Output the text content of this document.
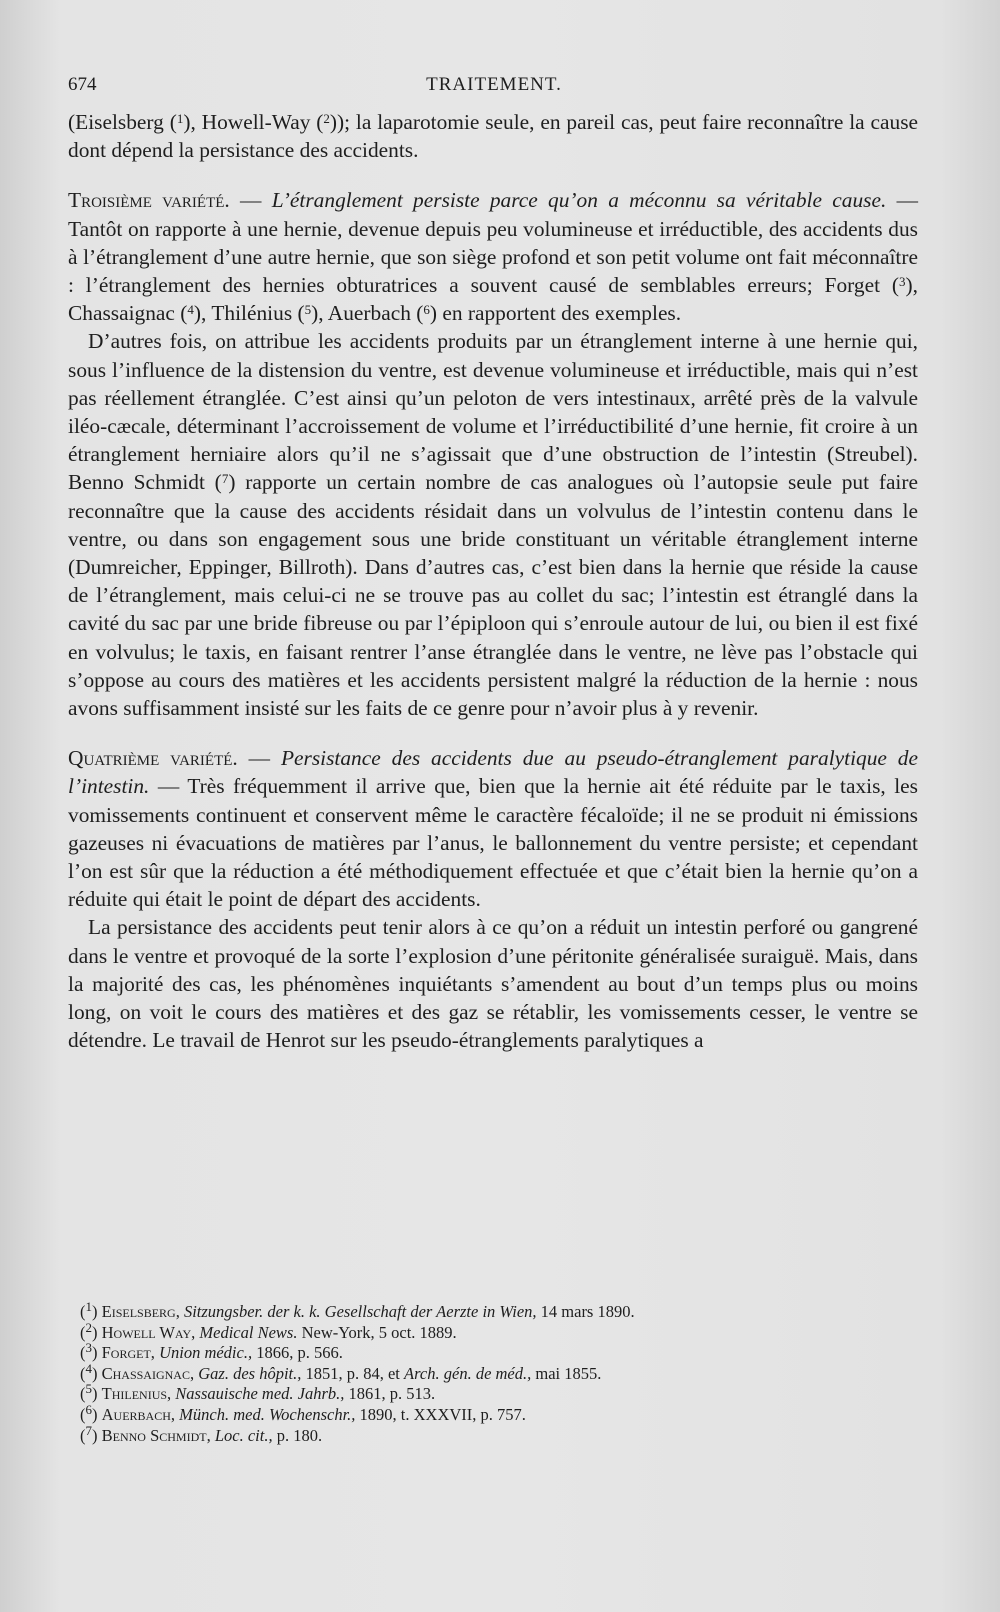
674	TRAITEMENT.

(Eiselsberg ($^1$), Howell-Way ($^2$)); la laparotomie seule, en pareil cas, peut faire reconnaître la cause dont dépend la persistance des accidents.

Troisième variété. — L’étranglement persiste parce qu’on a méconnu sa véritable cause. — Tantôt on rapporte à une hernie, devenue depuis peu volumineuse et irréductible, des accidents dus à l’étranglement d’une autre hernie, que son siège profond et son petit volume ont fait méconnaître : l’étranglement des hernies obturatrices a souvent causé de semblables erreurs; Forget ($^3$), Chassaignac ($^4$), Thilénius ($^5$), Auerbach ($^6$) en rapportent des exemples.

D’autres fois, on attribue les accidents produits par un étranglement interne à une hernie qui, sous l’influence de la distension du ventre, est devenue volumineuse et irréductible, mais qui n’est pas réellement étranglée. C’est ainsi qu’un peloton de vers intestinaux, arrêté près de la valvule iléo-cæcale, déterminant l’accroissement de volume et l’irréductibilité d’une hernie, fit croire à un étranglement herniaire alors qu’il ne s’agissait que d’une obstruction de l’intestin (Streubel). Benno Schmidt ($^7$) rapporte un certain nombre de cas analogues où l’autopsie seule put faire reconnaître que la cause des accidents résidait dans un volvulus de l’intestin contenu dans le ventre, ou dans son engagement sous une bride constituant un véritable étranglement interne (Dumreicher, Eppinger, Billroth). Dans d’autres cas, c’est bien dans la hernie que réside la cause de l’étranglement, mais celui-ci ne se trouve pas au collet du sac; l’intestin est étranglé dans la cavité du sac par une bride fibreuse ou par l’épiploon qui s’enroule autour de lui, ou bien il est fixé en volvulus; le taxis, en faisant rentrer l’anse étranglée dans le ventre, ne lève pas l’obstacle qui s’oppose au cours des matières et les accidents persistent malgré la réduction de la hernie : nous avons suffisamment insisté sur les faits de ce genre pour n’avoir plus à y revenir.

Quatrième variété. — Persistance des accidents due au pseudo-étranglement paralytique de l’intestin. — Très fréquemment il arrive que, bien que la hernie ait été réduite par le taxis, les vomissements continuent et conservent même le caractère fécaloïde; il ne se produit ni émissions gazeuses ni évacuations de matières par l’anus, le ballonnement du ventre persiste; et cependant l’on est sûr que la réduction a été méthodiquement effectuée et que c’était bien la hernie qu’on a réduite qui était le point de départ des accidents.

La persistance des accidents peut tenir alors à ce qu’on a réduit un intestin perforé ou gangrené dans le ventre et provoqué de la sorte l’explosion d’une péritonite généralisée suraiguë. Mais, dans la majorité des cas, les phénomènes inquiétants s’amendent au bout d’un temps plus ou moins long, on voit le cours des matières et des gaz se rétablir, les vomissements cesser, le ventre se détendre. Le travail de Henrot sur les pseudo-étranglements paralytiques a

($^1$) Eiselsberg, Sitzungsber. der k. k. Gesellschaft der Aerzte in Wien, 14 mars 1890.

($^2$) Howell Way, Medical News. New-York, 5 oct. 1889.

($^3$) Forget, Union médic., 1866, p. 566.

($^4$) Chassaignac, Gaz. des hôpit., 1851, p. 84, et Arch. gén. de méd., mai 1855.

($^5$) Thilenius, Nassauische med. Jahrb., 1861, p. 513.

($^6$) Auerbach, Münch. med. Wochenschr., 1890, t. XXXVII, p. 757.

($^7$) Benno Schmidt, Loc. cit., p. 180.
